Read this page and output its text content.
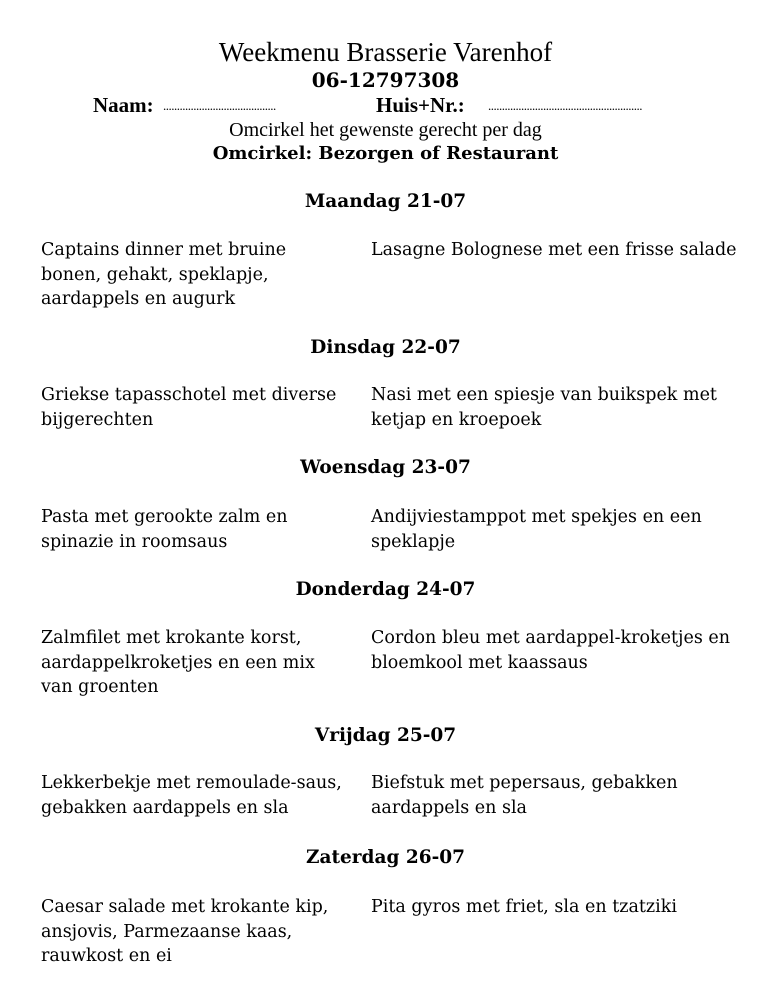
Weekmenu Brasserie Varenhof
06-12797308
Naam: .........................................	Huis+Nr.: ........................................................
Omcirkel het gewenste gerecht per dag
Omcirkel: Bezorgen of Restaurant
Maandag 21-07
Captains dinner met bruine bonen, gehakt, speklapje, aardappels en augurk
Lasagne Bolognese met een frisse salade
Dinsdag 22-07
Griekse tapasschotel met diverse bijgerechten
Nasi met een spiesje van buikspek met ketjap en kroepoek
Woensdag 23-07
Pasta met gerookte zalm en spinazie in roomsaus
Andijviestamppot met spekjes en een speklapje
Donderdag 24-07
Zalmfilet met krokante korst, aardappelkroketjes en een mix van groenten
Cordon bleu met aardappel-kroketjes en bloemkool met kaassaus
Vrijdag 25-07
Lekkerbekje met remoulade-saus, gebakken aardappels en sla
Biefstuk met pepersaus, gebakken aardappels en sla
Zaterdag 26-07
Caesar salade met krokante kip, ansjovis, Parmezaanse kaas, rauwkost en ei
Pita gyros met friet, sla en tzatziki
